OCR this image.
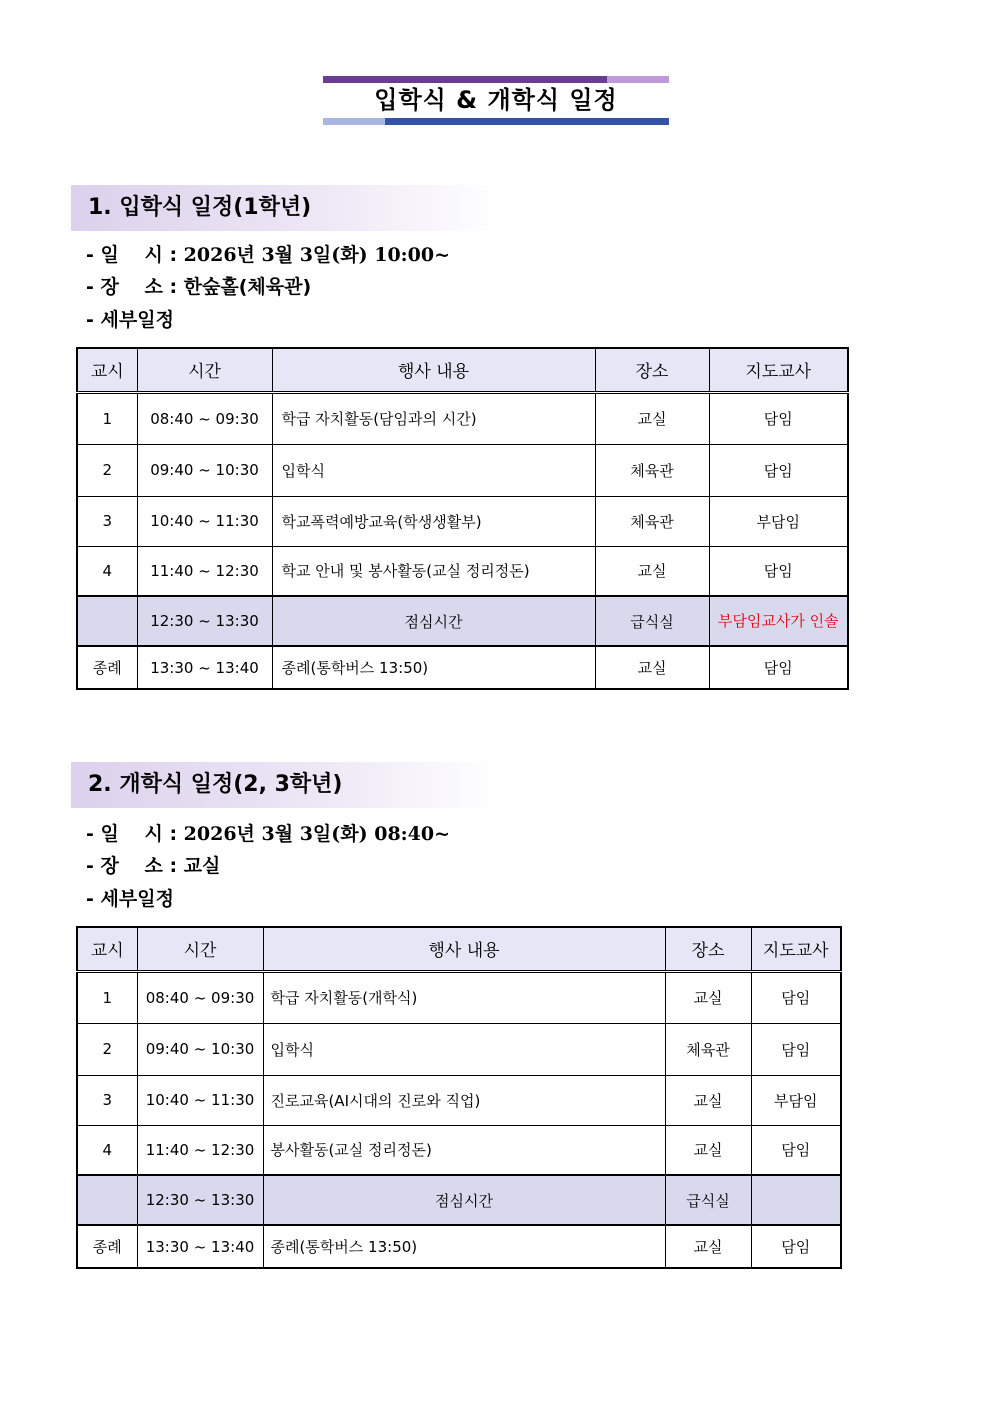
입학식 & 개학식 일정
1. 입학식 일정(1학년)
- 일　 시 : 2026년 3월 3일(화) 10:00~
- 장　 소 : 한숲홀(체육관)
- 세부일정
교시	시간	행사 내용	장소	지도교사
1	08:40 ~ 09:30	학급 자치활동(담임과의 시간)	교실	담임
2	09:40 ~ 10:30	입학식	체육관	담임
3	10:40 ~ 11:30	학교폭력예방교육(학생생활부)	체육관	부담임
4	11:40 ~ 12:30	학교 안내 및 봉사활동(교실 정리정돈)	교실	담임
	12:30 ~ 13:30	점심시간	급식실	부담임교사가 인솔
종례	13:30 ~ 13:40	종례(통학버스 13:50)	교실	담임
2. 개학식 일정(2, 3학년)
- 일　 시 : 2026년 3월 3일(화) 08:40~
- 장　 소 : 교실
- 세부일정
교시	시간	행사 내용	장소	지도교사
1	08:40 ~ 09:30	학급 자치활동(개학식)	교실	담임
2	09:40 ~ 10:30	입학식	체육관	담임
3	10:40 ~ 11:30	진로교육(AI시대의 진로와 직업)	교실	부담임
4	11:40 ~ 12:30	봉사활동(교실 정리정돈)	교실	담임
	12:30 ~ 13:30	점심시간	급식실	
종례	13:30 ~ 13:40	종례(통학버스 13:50)	교실	담임
